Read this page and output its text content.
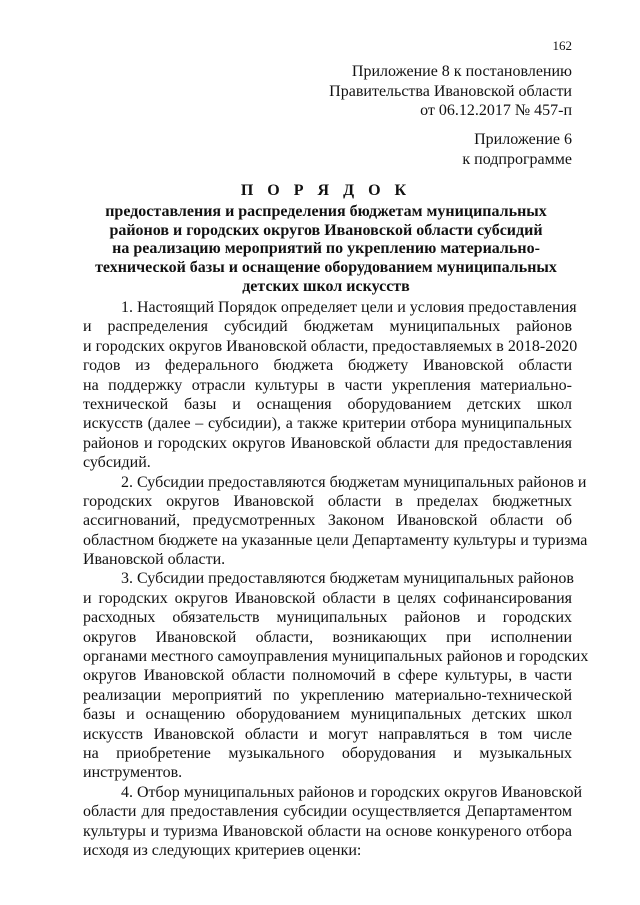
162
Приложение 8 к постановлению
Правительства Ивановской области
от 06.12.2017 № 457-п
Приложение 6
к подпрограмме
П О Р Я Д О К
предоставления и распределения бюджетам муниципальных
районов и городских округов Ивановской области субсидий
на реализацию мероприятий по укреплению материально-
технической базы и оснащение оборудованием муниципальных
детских школ искусств
1. Настоящий Порядок определяет цели и условия предоставления
и распределения субсидий бюджетам муниципальных районов
и городских округов Ивановской области, предоставляемых в 2018-2020
годов из федерального бюджета бюджету Ивановской области
на поддержку отрасли культуры в части укрепления материально-
технической базы и оснащения оборудованием детских школ
искусств (далее – субсидии), а также критерии отбора муниципальных
районов и городских округов Ивановской области для предоставления
субсидий.
2. Субсидии предоставляются бюджетам муниципальных районов и
городских округов Ивановской области в пределах бюджетных
ассигнований, предусмотренных Законом Ивановской области об
областном бюджете на указанные цели Департаменту культуры и туризма
Ивановской области.
3. Субсидии предоставляются бюджетам муниципальных районов
и городских округов Ивановской области в целях софинансирования
расходных обязательств муниципальных районов и городских
округов Ивановской области, возникающих при исполнении
органами местного самоуправления муниципальных районов и городских
округов Ивановской области полномочий в сфере культуры, в части
реализации мероприятий по укреплению материально-технической
базы и оснащению оборудованием муниципальных детских школ
искусств Ивановской области и могут направляться в том числе
на приобретение музыкального оборудования и музыкальных
инструментов.
4. Отбор муниципальных районов и городских округов Ивановской
области для предоставления субсидии осуществляется Департаментом
культуры и туризма Ивановской области на основе конкуреного отбора
исходя из следующих критериев оценки:
